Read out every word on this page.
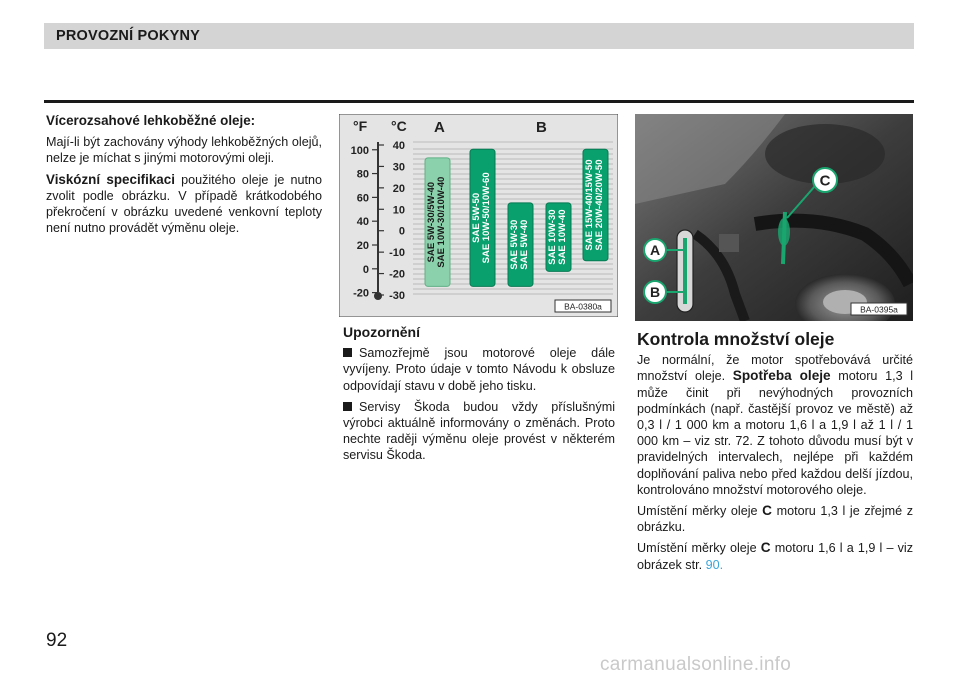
PROVOZNÍ POKYNY

Vícerozsahové lehkoběžné oleje:

Mají-li být zachovány výhody lehkoběžných olejů, nelze je míchat s jinými motorovými oleji.

Viskózní specifikaci použitého oleje je nutno zvolit podle obrázku. V případě krátkodobého překročení v obrázku uvedené venkovní teploty není nutno provádět výměnu oleje.

°F °C A	B
100
80
60
40
20
0
-20
40
30
20
10
0
-10
-20
-30
SAE 5W-30/5W-40 SAE 10W-30/10W-40	SAE 5W-50 SAE 10W-50/10W-60 SAE 5W-30 SAE 5W-40 SAE 10W-30 SAE 10W-40 SAE 15W-40/15W-50 SAE 20W-40/20W-50
BA-0380a
A
B
C
BA-0395a

Upozornění

Samozřejmě jsou motorové oleje dále vyvíjeny. Proto údaje v tomto Návodu k obsluze odpovídají stavu v době jeho tisku.

Servisy Škoda budou vždy příslušnými výrobci aktuálně informovány o změnách. Proto nechte raději výměnu oleje provést v některém servisu Škoda.

Kontrola množství oleje

Je normální, že motor spotřebovává určité množství oleje. Spotřeba oleje motoru 1,3 l může činit při nevýhodných provozních podmínkách (např. častější provoz ve městě) až 0,3 l / 1 000 km a motoru 1,6 l a 1,9 l až 1 l / 1 000 km – viz str. 72. Z tohoto důvodu musí být v pravidelných intervalech, nejlépe při každém doplňování paliva nebo před každou delší jízdou, kontrolováno množství motorového oleje.

Umístění měrky oleje C motoru 1,3 l je zřejmé z obrázku.

Umístění měrky oleje C motoru 1,6 l a 1,9 l – viz obrázek str. 90.

92
carmanualsonline.info
